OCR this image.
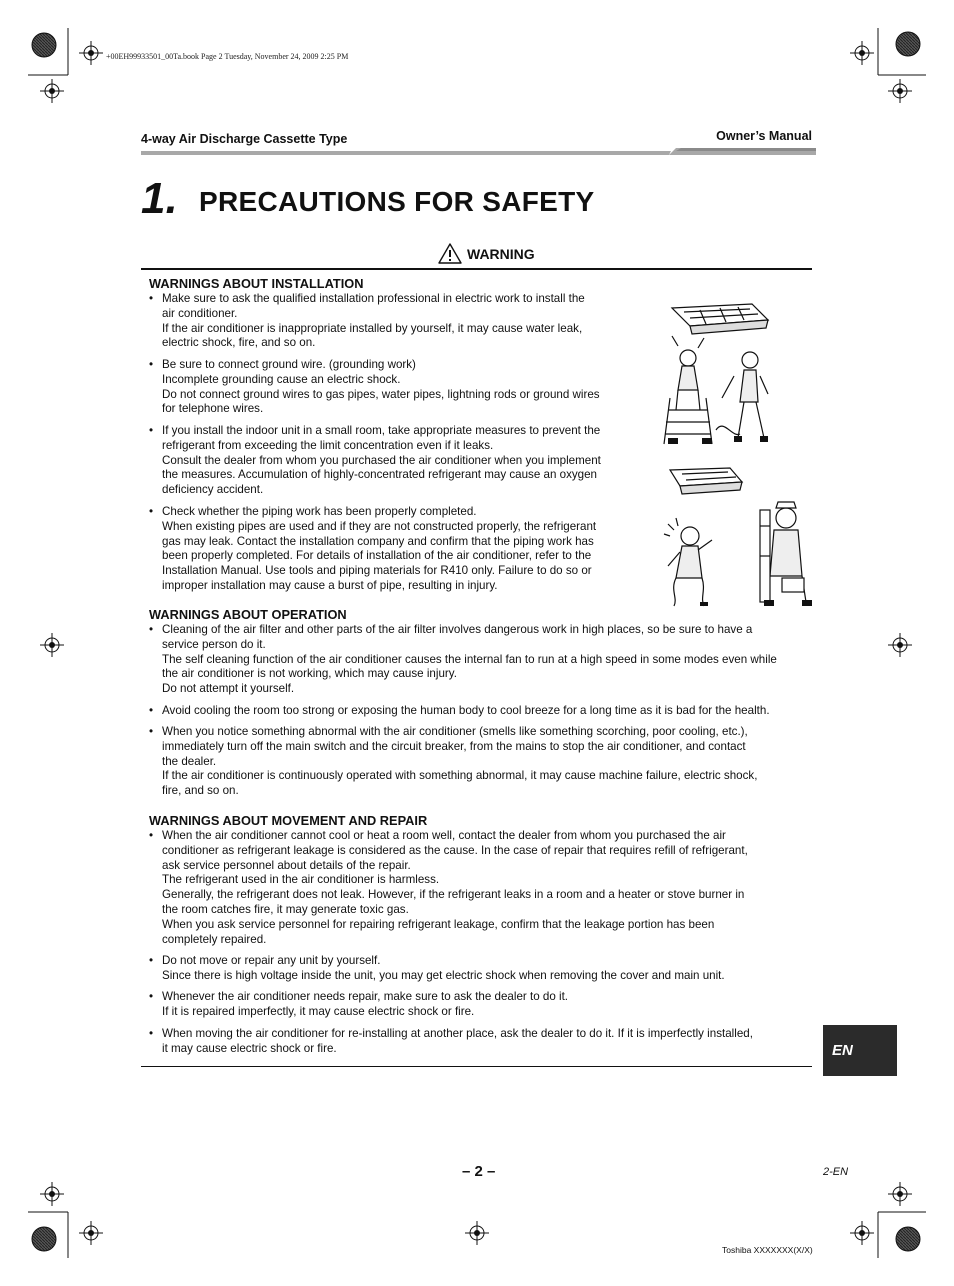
+00EH99933501_00Ta.book Page 2 Tuesday, November 24, 2009 2:25 PM
4-way Air Discharge Cassette Type	Owner’s Manual
1. PRECAUTIONS FOR SAFETY
WARNING
WARNINGS ABOUT INSTALLATION
• Make sure to ask the qualified installation professional in electric work to install the
air conditioner.
If the air conditioner is inappropriate installed by yourself, it may cause water leak,
electric shock, fire, and so on.
• Be sure to connect ground wire. (grounding work)
Incomplete grounding cause an electric shock.
Do not connect ground wires to gas pipes, water pipes, lightning rods or ground wires
for telephone wires.
• If you install the indoor unit in a small room, take appropriate measures to prevent the
refrigerant from exceeding the limit concentration even if it leaks.
Consult the dealer from whom you purchased the air conditioner when you implement
the measures. Accumulation of highly-concentrated refrigerant may cause an oxygen
deficiency accident.
• Check whether the piping work has been properly completed.
When existing pipes are used and if they are not constructed properly, the refrigerant
gas may leak. Contact the installation company and confirm that the piping work has
been properly completed. For details of installation of the air conditioner, refer to the
Installation Manual. Use tools and piping materials for R410 only. Failure to do so or
improper installation may cause a burst of pipe, resulting in injury.
WARNINGS ABOUT OPERATION
• Cleaning of the air filter and other parts of the air filter involves dangerous work in high places, so be sure to have a
service person do it.
The self cleaning function of the air conditioner causes the internal fan to run at a high speed in some modes even while
the air conditioner is not working, which may cause injury.
Do not attempt it yourself.
• Avoid cooling the room too strong or exposing the human body to cool breeze for a long time as it is bad for the health.
• When you notice something abnormal with the air conditioner (smells like something scorching, poor cooling, etc.),
immediately turn off the main switch and the circuit breaker, from the mains to stop the air conditioner, and contact
the dealer.
If the air conditioner is continuously operated with something abnormal, it may cause machine failure, electric shock,
fire, and so on.
WARNINGS ABOUT MOVEMENT AND REPAIR
• When the air conditioner cannot cool or heat a room well, contact the dealer from whom you purchased the air
conditioner as refrigerant leakage is considered as the cause. In the case of repair that requires refill of refrigerant,
ask service personnel about details of the repair.
The refrigerant used in the air conditioner is harmless.
Generally, the refrigerant does not leak. However, if the refrigerant leaks in a room and a heater or stove burner in
the room catches fire, it may generate toxic gas.
When you ask service personnel for repairing refrigerant leakage, confirm that the leakage portion has been
completely repaired.
• Do not move or repair any unit by yourself.
Since there is high voltage inside the unit, you may get electric shock when removing the cover and main unit.
• Whenever the air conditioner needs repair, make sure to ask the dealer to do it.
If it is repaired imperfectly, it may cause electric shock or fire.
• When moving the air conditioner for re-installing at another place, ask the dealer to do it. If it is imperfectly installed,
it may cause electric shock or fire.	EN
– 2 –	2-EN
Toshiba XXXXXXX(X/X)
